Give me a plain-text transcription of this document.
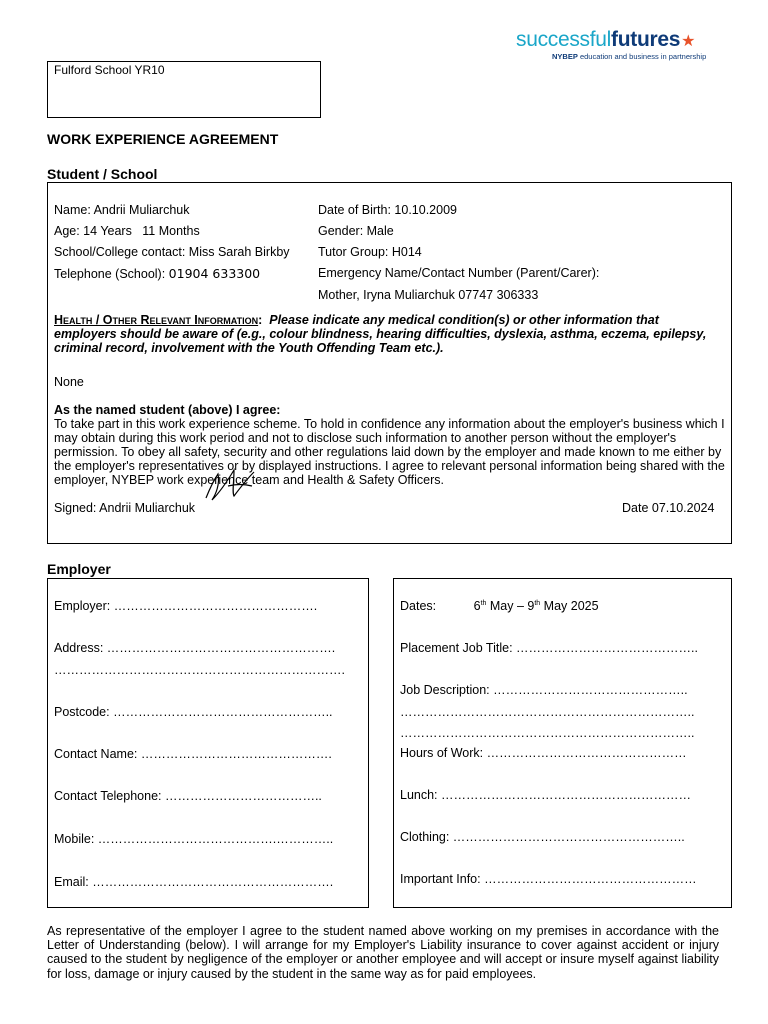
successfulfutures★
NYBEP education and business in partnership
Fulford School YR10
WORK EXPERIENCE AGREEMENT
Student / School
Name: Andrii Muliarchuk
Age: 14 Years   11 Months
School/College contact: Miss Sarah Birkby
Telephone (School): 01904 633300
Date of Birth: 10.10.2009
Gender: Male
Tutor Group: H014
Emergency Name/Contact Number (Parent/Carer):
Mother, Iryna Muliarchuk 07747 306333
Health / Other Relevant Information: Please indicate any medical condition(s) or other information that employers should be aware of (e.g., colour blindness, hearing difficulties, dyslexia, asthma, eczema, epilepsy, criminal record, involvement with the Youth Offending Team etc.).
None
As the named student (above) I agree:
To take part in this work experience scheme. To hold in confidence any information about the employer's business which I may obtain during this work period and not to disclose such information to another person without the employer's permission. To obey all safety, security and other regulations laid down by the employer and made known to me either by the employer's representatives or by displayed instructions. I agree to relevant personal information being shared with the employer, NYBEP work experience team and Health & Safety Officers.
Signed: Andrii Muliarchuk	Date 07.10.2024
Employer
Employer: ………………………………………….
Address: ……………………………………………….
…………………………………………………………….
Postcode: ……………………………………………..
Contact Name: ……………………………………….
Contact Telephone: ………………………………..
Mobile: …………………………………….…………..
Email: ………………………………………………….
Dates:	6th May – 9th May 2025
Placement Job Title: ……………………………………..
Job Description: ………………………………………..
……………………………………………………………..
……………………………………………………………..
Hours of Work: …………………………………………
Lunch: ……………………………………………………
Clothing: ………………………………………………..
Important Info: ……………………………………………
As representative of the employer I agree to the student named above working on my premises in accordance with the Letter of Understanding (below). I will arrange for my Employer's Liability insurance to cover against accident or injury caused to the student by negligence of the employer or another employee and will accept or insure myself against liability for loss, damage or injury caused by the student in the same way as for paid employees.
